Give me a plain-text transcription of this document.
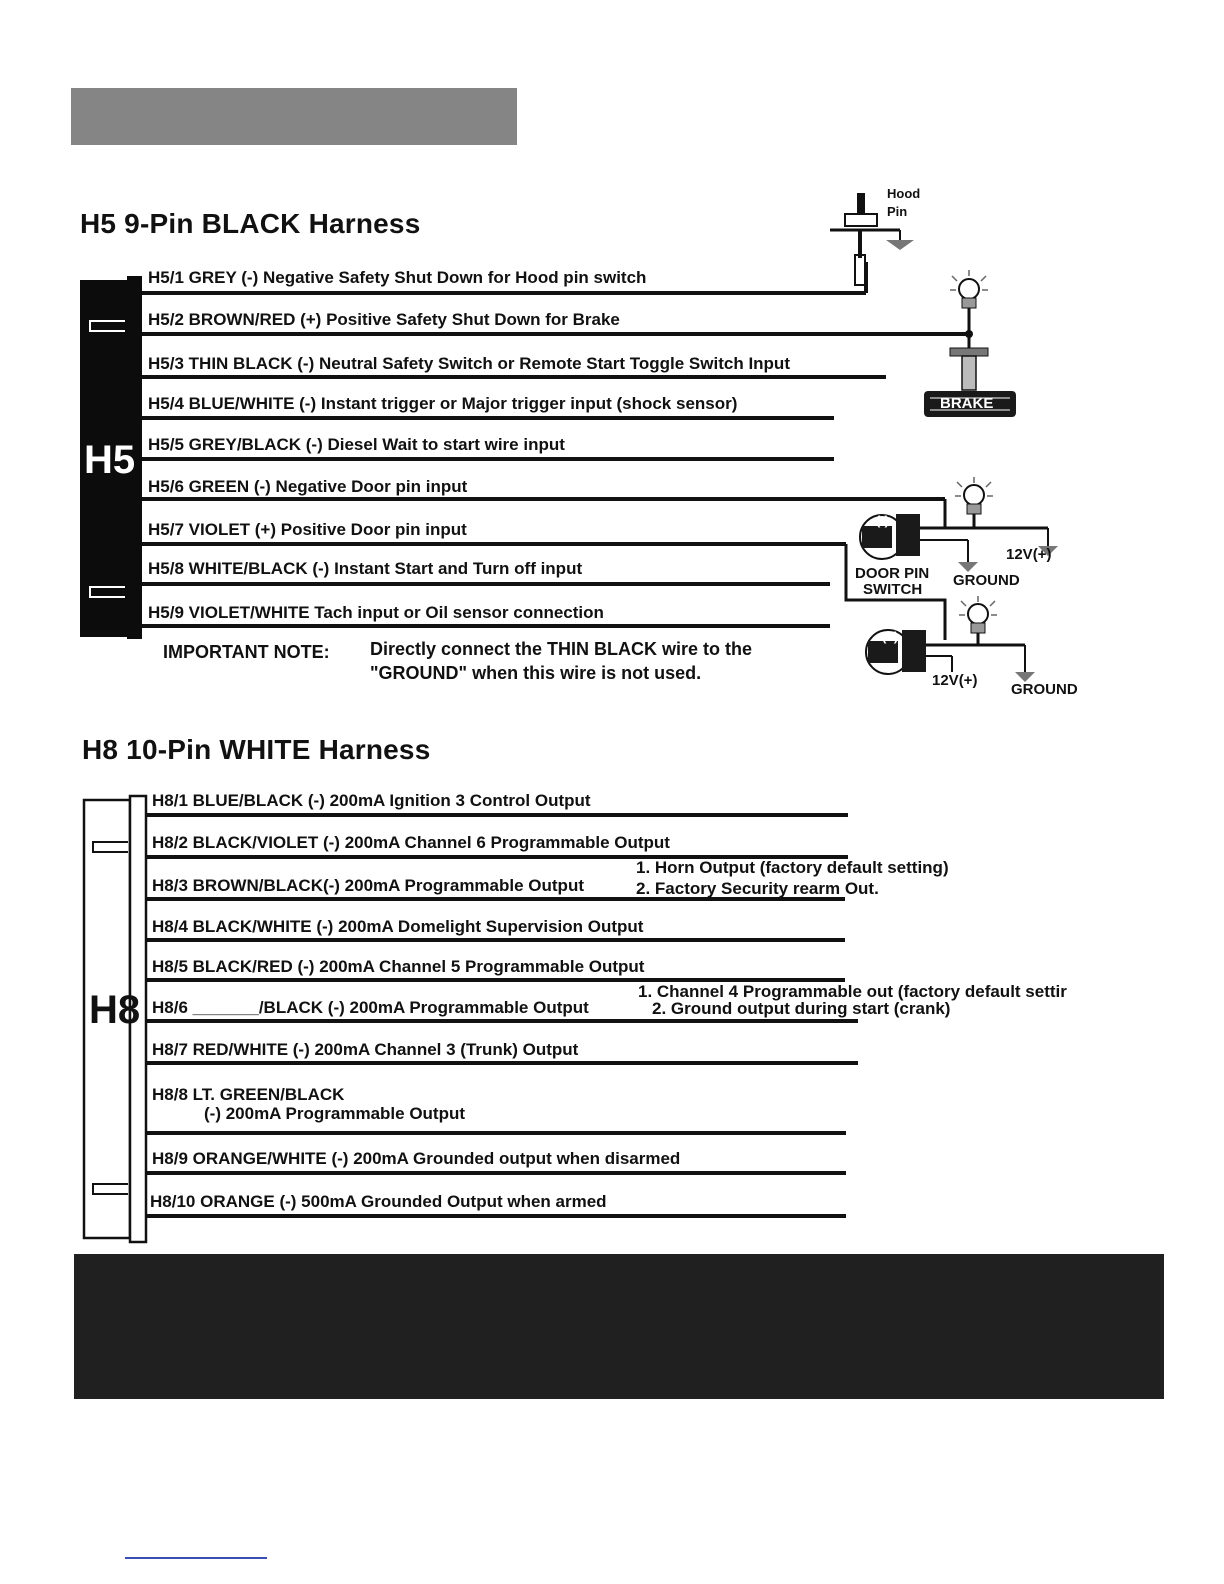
H5 9-Pin BLACK Harness
H5
H5/1 GREY (-) Negative Safety Shut Down for Hood pin switch
H5/2 BROWN/RED (+) Positive Safety Shut Down for Brake
H5/3 THIN BLACK (-) Neutral Safety Switch or Remote Start Toggle Switch Input
H5/4 BLUE/WHITE (-) Instant trigger or Major trigger input (shock sensor)
H5/5 GREY/BLACK (-) Diesel Wait to start wire input
H5/6 GREEN (-) Negative Door pin input
H5/7 VIOLET (+) Positive Door pin input
H5/8 WHITE/BLACK (-) Instant Start and Turn off input
H5/9 VIOLET/WHITE Tach input or Oil sensor connection
IMPORTANT NOTE: Directly connect the THIN BLACK wire to the
"GROUND" when this wire is not used.
Hood
Pin
BRAKE
DOOR PIN
SWITCH
GROUND
12V(+)
12V(+)
GROUND
(-)
(+)
H8 10-Pin WHITE Harness
H8
H8/1 BLUE/BLACK (-) 200mA Ignition 3 Control Output
H8/2 BLACK/VIOLET (-) 200mA Channel 6 Programmable Output
H8/3 BROWN/BLACK(-) 200mA Programmable Output
H8/4 BLACK/WHITE (-) 200mA Domelight Supervision Output
H8/5 BLACK/RED (-) 200mA Channel 5 Programmable Output
H8/6 _______/BLACK (-) 200mA Programmable Output
H8/7 RED/WHITE (-) 200mA Channel 3 (Trunk) Output
H8/8 LT. GREEN/BLACK
(-) 200mA Programmable Output
H8/9 ORANGE/WHITE (-) 200mA Grounded output when disarmed
H8/10 ORANGE (-) 500mA Grounded Output when armed
1. Horn Output (factory default setting)
2. Factory Security rearm Out.
1. Channel 4 Programmable out (factory default settir
2. Ground output during start (crank)
